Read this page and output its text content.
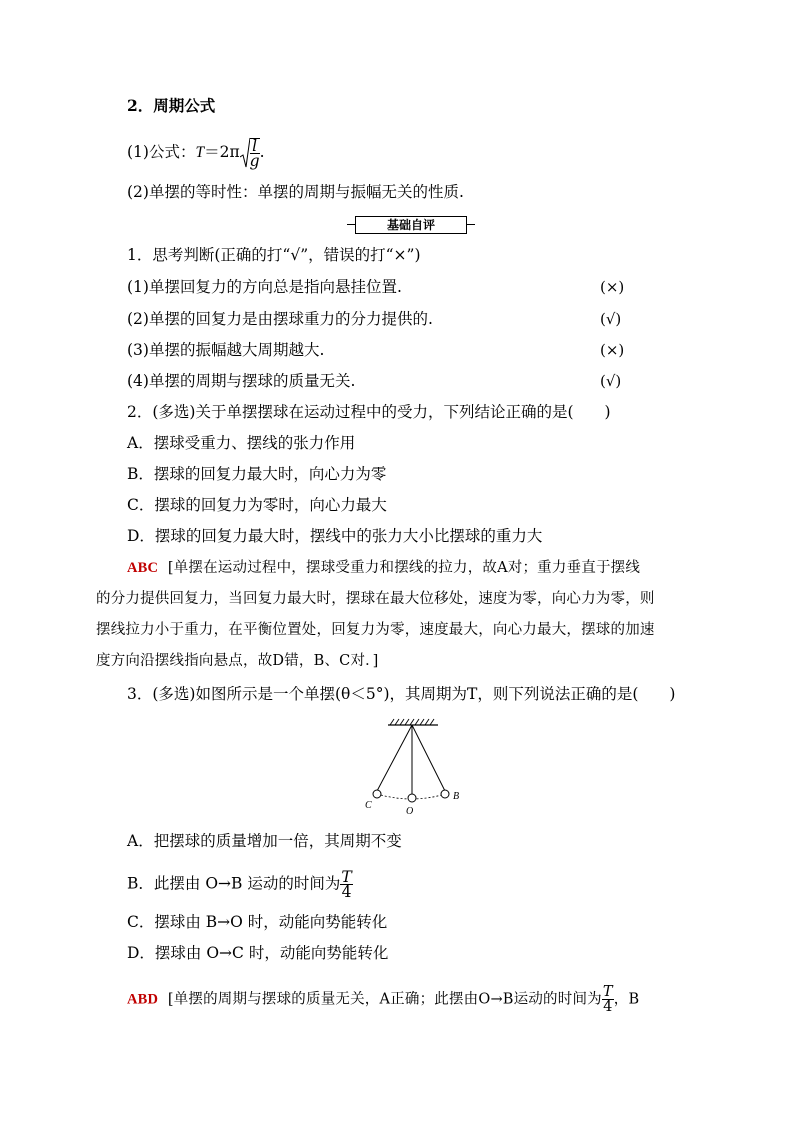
2．周期公式
(1)公式：$T=2\pi \frac{l}{g}$ .
(2)单摆的等时性：单摆的周期与振幅无关的性质.
基础自评
1．思考判断(正确的打“√”，错误的打“×”)
(1)单摆回复力的方向总是指向悬挂位置.	(×)
(2)单摆的回复力是由摆球重力的分力提供的.	(√)
(3)单摆的振幅越大周期越大.	(×)
(4)单摆的周期与摆球的质量无关.	(√)
2．(多选)关于单摆摆球在运动过程中的受力，下列结论正确的是(　　)
A．摆球受重力、摆线的张力作用
B．摆球的回复力最大时，向心力为零
C．摆球的回复力为零时，向心力最大
D．摆球的回复力最大时，摆线中的张力大小比摆球的重力大
ABC [单摆在运动过程中，摆球受重力和摆线的拉力，故A对；重力垂直于摆线
的分力提供回复力，当回复力最大时，摆球在最大位移处，速度为零，向心力为零，则
摆线拉力小于重力，在平衡位置处，回复力为零，速度最大，向心力最大，摆球的加速
度方向沿摆线指向悬点，故D错，B、C对．]
3．(多选)如图所示是一个单摆(θ＜5°)，其周期为T，则下列说法正确的是(　　)
C
O
B
A．把摆球的质量增加一倍，其周期不变
B．此摆由 O→B 运动的时间为 $\frac{T}{4}$
C．摆球由 B→O 时，动能向势能转化
D．摆球由 O→C 时，动能向势能转化
ABD [单摆的周期与摆球的质量无关，A正确；此摆由O→B运动的时间为 $\frac{T}{4}$ ，B
